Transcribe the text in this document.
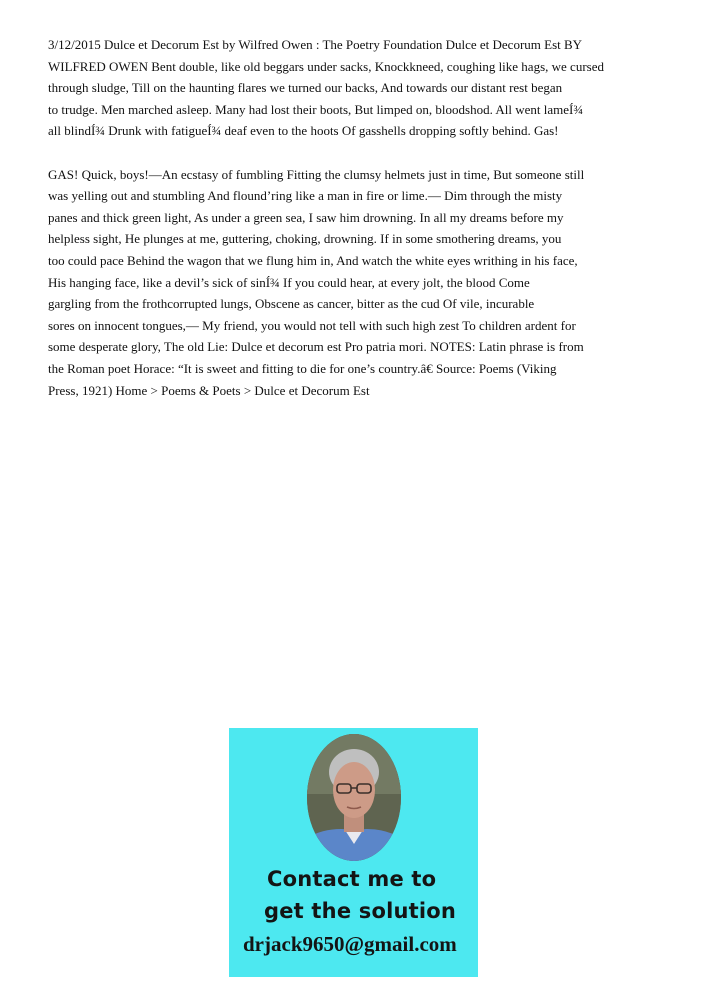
3/12/2015 Dulce et Decorum Est by Wilfred Owen : The Poetry Foundation Dulce et Decorum Est BY
WILFRED OWEN Bent double, like old beggars under sacks, Knockkneed, coughing like hags, we cursed
through sludge, Till on the haunting flares we turned our backs, And towards our distant rest began
to trudge. Men marched asleep. Many had lost their boots, But limped on, bloodshod. All went lameÍ¾
all blindÍ¾ Drunk with fatigueÍ¾ deaf even to the hoots Of gasshells dropping softly behind. Gas!

GAS! Quick, boys!—An ecstasy of fumbling Fitting the clumsy helmets just in time, But someone still
was yelling out and stumbling And flound’ring like a man in fire or lime.— Dim through the misty
panes and thick green light, As under a green sea, I saw him drowning. In all my dreams before my
helpless sight, He plunges at me, guttering, choking, drowning. If in some smothering dreams, you
too could pace Behind the wagon that we flung him in, And watch the white eyes writhing in his face,
His hanging face, like a devil’s sick of sinÍ¾ If you could hear, at every jolt, the blood Come
gargling from the frothcorrupted lungs, Obscene as cancer, bitter as the cud Of vile, incurable
sores on innocent tongues,— My friend, you would not tell with such high zest To children ardent for
some desperate glory, The old Lie: Dulce et decorum est Pro patria mori. NOTES: Latin phrase is from
the Roman poet Horace: “It is sweet and fitting to die for one’s country.â€ Source: Poems (Viking
Press, 1921) Home > Poems & Poets > Dulce et Decorum Est

Contact me to
get the solution
drjack9650@gmail.com
